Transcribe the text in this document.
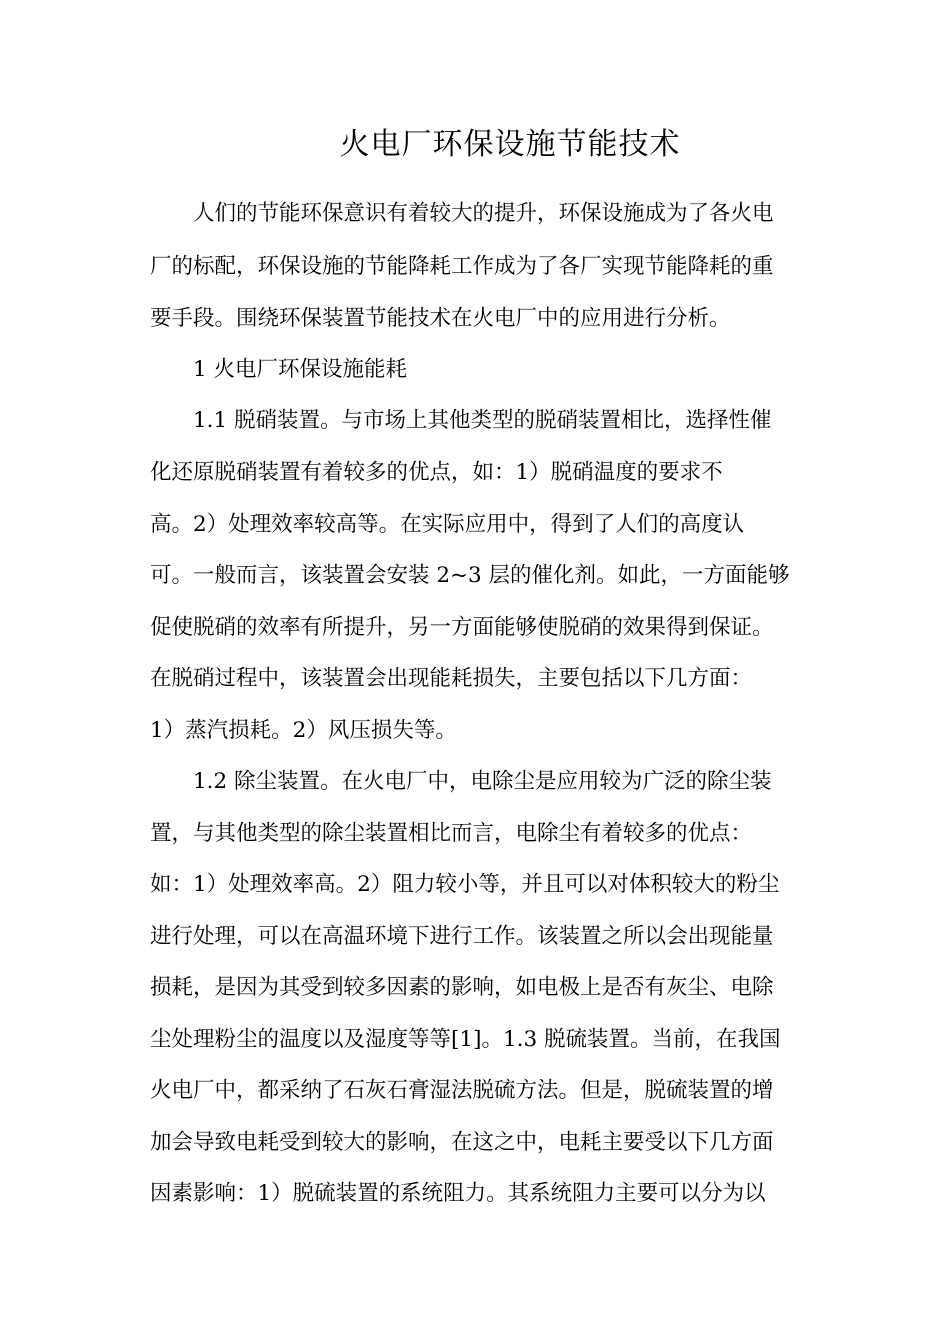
火电厂环保设施节能技术
人们的节能环保意识有着较大的提升，环保设施成为了各火电
厂的标配，环保设施的节能降耗工作成为了各厂实现节能降耗的重
要手段。围绕环保装置节能技术在火电厂中的应用进行分析。
1 火电厂环保设施能耗
1.1 脱硝装置。与市场上其他类型的脱硝装置相比，选择性催
化还原脱硝装置有着较多的优点，如：1）脱硝温度的要求不
高。2）处理效率较高等。在实际应用中，得到了人们的高度认
可。一般而言，该装置会安装 2~3 层的催化剂。如此，一方面能够
促使脱硝的效率有所提升，另一方面能够使脱硝的效果得到保证。
在脱硝过程中，该装置会出现能耗损失，主要包括以下几方面：
1）蒸汽损耗。2）风压损失等。
1.2 除尘装置。在火电厂中，电除尘是应用较为广泛的除尘装
置，与其他类型的除尘装置相比而言，电除尘有着较多的优点：
如：1）处理效率高。2）阻力较小等，并且可以对体积较大的粉尘
进行处理，可以在高温环境下进行工作。该装置之所以会出现能量
损耗，是因为其受到较多因素的影响，如电极上是否有灰尘、电除
尘处理粉尘的温度以及湿度等等[1]。1.3 脱硫装置。当前，在我国
火电厂中，都采纳了石灰石膏湿法脱硫方法。但是，脱硫装置的增
加会导致电耗受到较大的影响，在这之中，电耗主要受以下几方面
因素影响：1）脱硫装置的系统阻力。其系统阻力主要可以分为以
